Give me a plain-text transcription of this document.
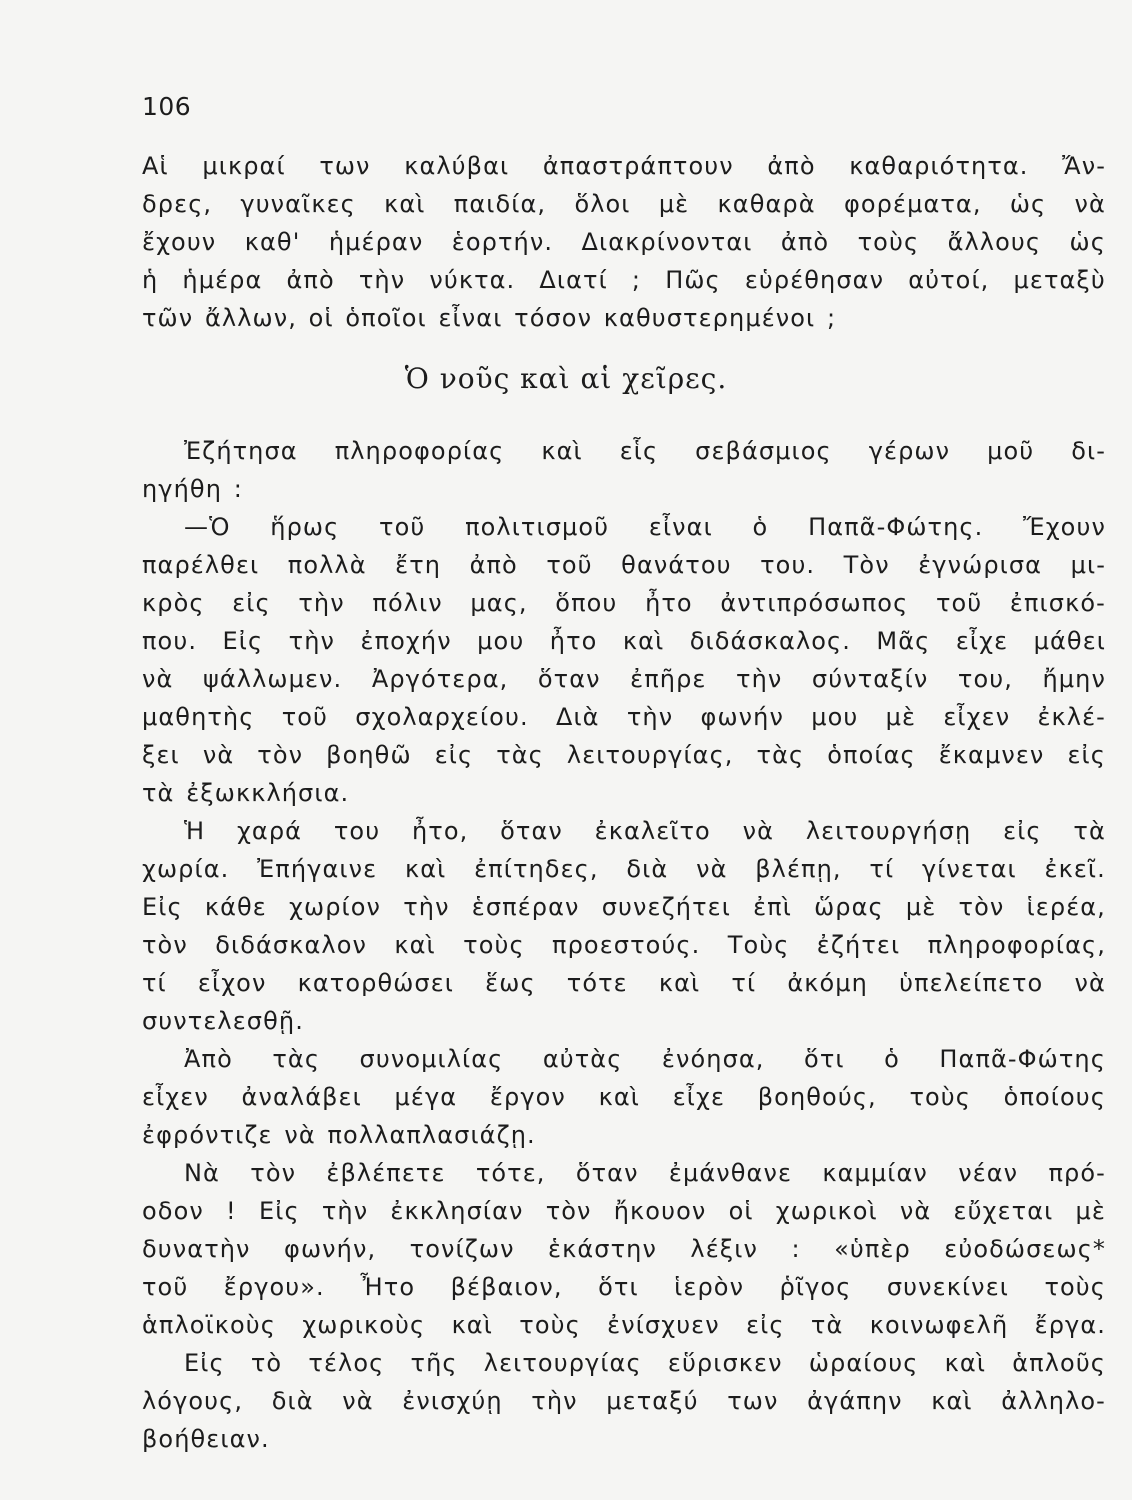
106
Αἱ μικραί των καλύβαι ἀπαστράπτουν ἀπὸ καθαριότητα. Ἄν-
δρες, γυναῖκες καὶ παιδία, ὅλοι μὲ καθαρὰ φορέματα, ὡς νὰ
ἔχουν καθ' ἡμέραν ἑορτήν. Διακρίνονται ἀπὸ τοὺς ἄλλους ὡς
ἡ ἡμέρα ἀπὸ τὴν νύκτα. Διατί ; Πῶς εὑρέθησαν αὐτοί, μεταξὺ
τῶν ἄλλων, οἱ ὁποῖοι εἶναι τόσον καθυστερημένοι ;
Ὁ νοῦς καὶ αἱ χεῖρες.
Ἐζήτησα πληροφορίας καὶ εἷς σεβάσμιος γέρων μοῦ δι-
ηγήθη :
—Ὁ ἥρως τοῦ πολιτισμοῦ εἶναι ὁ Παπᾶ-Φώτης. Ἔχουν
παρέλθει πολλὰ ἔτη ἀπὸ τοῦ θανάτου του. Τὸν ἐγνώρισα μι-
κρὸς εἰς τὴν πόλιν μας, ὅπου ἦτο ἀντιπρόσωπος τοῦ ἐπισκό-
που. Εἰς τὴν ἐποχήν μου ἦτο καὶ διδάσκαλος. Μᾶς εἶχε μάθει
νὰ ψάλλωμεν. Ἀργότερα, ὅταν ἐπῆρε τὴν σύνταξίν του, ἤμην
μαθητὴς τοῦ σχολαρχείου. Διὰ τὴν φωνήν μου μὲ εἶχεν ἐκλέ-
ξει νὰ τὸν βοηθῶ εἰς τὰς λειτουργίας, τὰς ὁποίας ἔκαμνεν εἰς
τὰ ἐξωκκλήσια.
Ἡ χαρά του ἦτο, ὅταν ἐκαλεῖτο νὰ λειτουργήσῃ εἰς τὰ
χωρία. Ἐπήγαινε καὶ ἐπίτηδες, διὰ νὰ βλέπῃ, τί γίνεται ἐκεῖ.
Εἰς κάθε χωρίον τὴν ἑσπέραν συνεζήτει ἐπὶ ὥρας μὲ τὸν ἱερέα,
τὸν διδάσκαλον καὶ τοὺς προεστούς. Τοὺς ἐζήτει πληροφορίας,
τί εἶχον κατορθώσει ἕως τότε καὶ τί ἀκόμη ὑπελείπετο νὰ
συντελεσθῇ.
Ἀπὸ τὰς συνομιλίας αὐτὰς ἐνόησα, ὅτι ὁ Παπᾶ-Φώτης
εἶχεν ἀναλάβει μέγα ἔργον καὶ εἶχε βοηθούς, τοὺς ὁποίους
ἐφρόντιζε νὰ πολλαπλασιάζῃ.
Νὰ τὸν ἐβλέπετε τότε, ὅταν ἐμάνθανε καμμίαν νέαν πρό-
οδον ! Εἰς τὴν ἐκκλησίαν τὸν ἤκουον οἱ χωρικοὶ νὰ εὔχεται μὲ
δυνατὴν φωνήν, τονίζων ἑκάστην λέξιν : «ὑπὲρ εὐοδώσεως*
τοῦ ἔργου». Ἦτο βέβαιον, ὅτι ἱερὸν ῥῖγος συνεκίνει τοὺς
ἁπλοϊκοὺς χωρικοὺς καὶ τοὺς ἐνίσχυεν εἰς τὰ κοινωφελῆ ἔργα.
Εἰς τὸ τέλος τῆς λειτουργίας εὕρισκεν ὡραίους καὶ ἁπλοῦς
λόγους, διὰ νὰ ἐνισχύῃ τὴν μεταξύ των ἀγάπην καὶ ἀλληλο-
βοήθειαν.
